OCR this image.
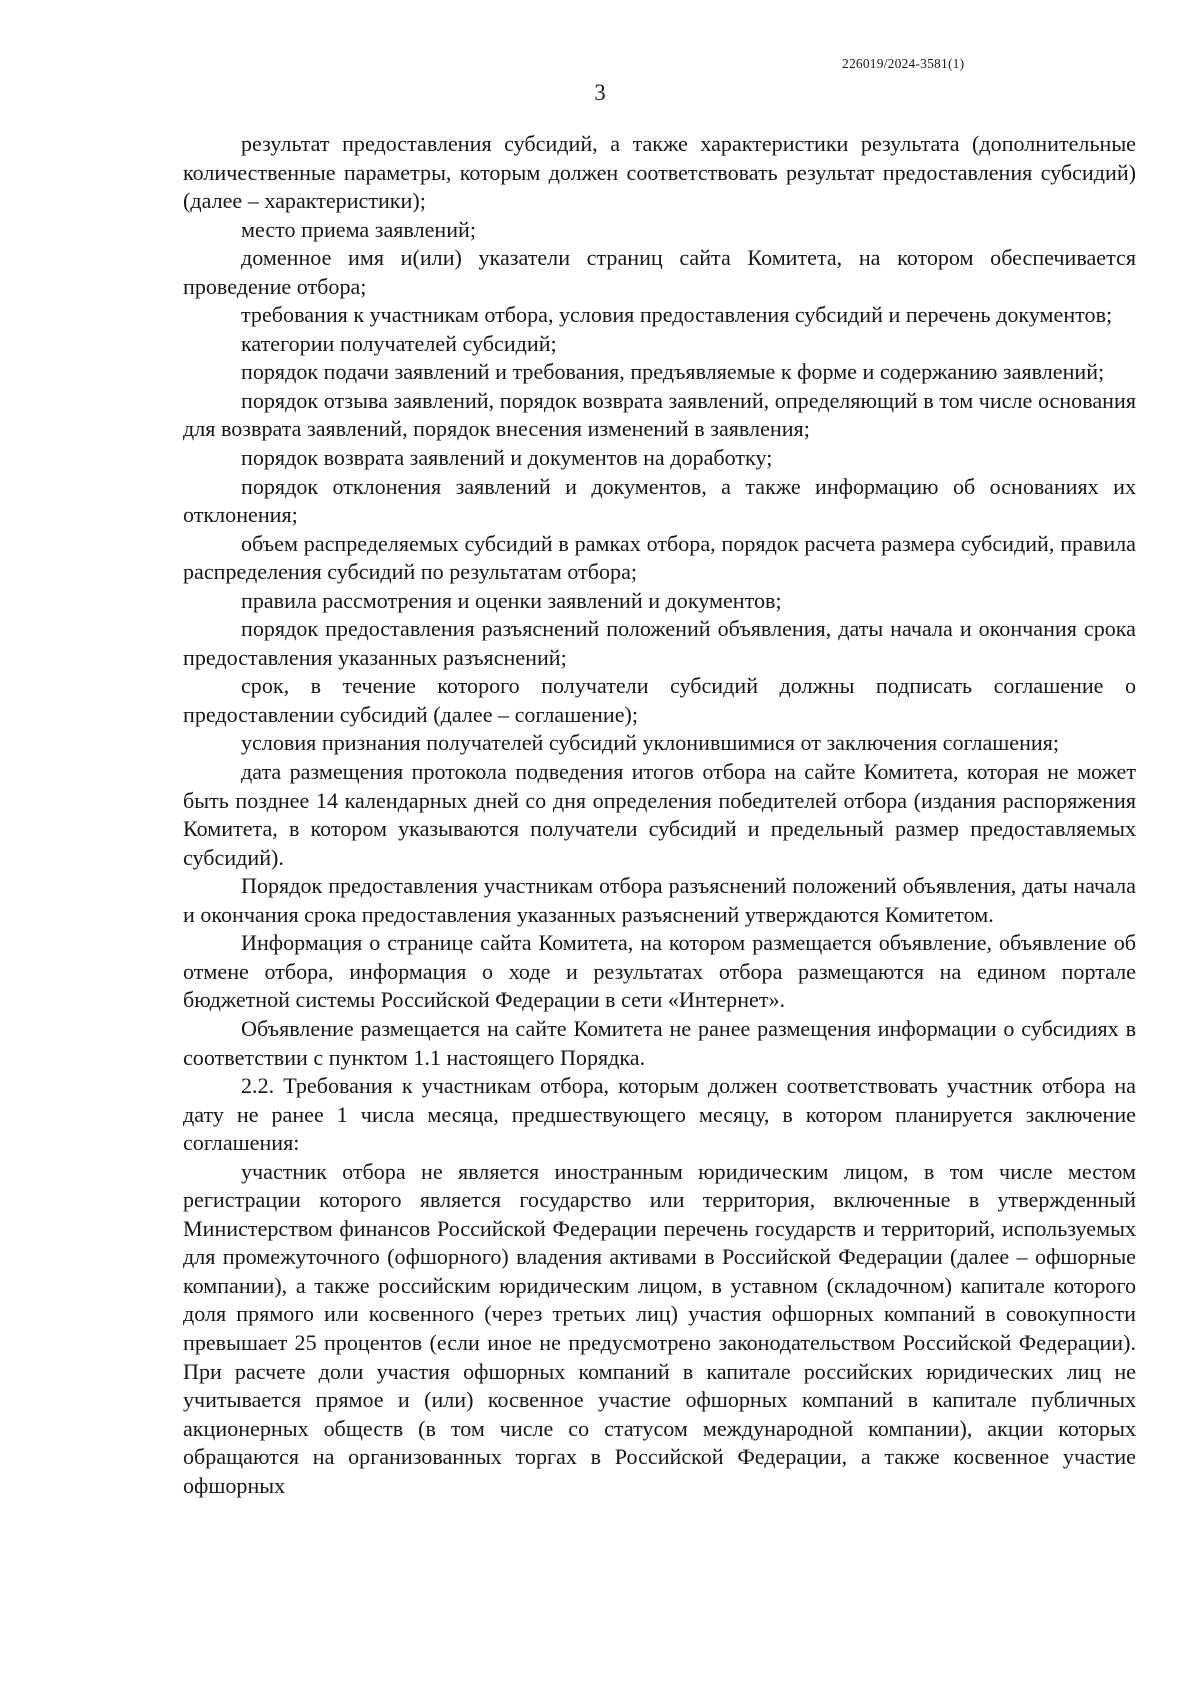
226019/2024-3581(1)
3

результат предоставления субсидий, а также характеристики результата (дополнительные количественные параметры, которым должен соответствовать результат предоставления субсидий) (далее – характеристики);

место приема заявлений;

доменное имя и(или) указатели страниц сайта Комитета, на котором обеспечивается проведение отбора;

требования к участникам отбора, условия предоставления субсидий и перечень документов;

категории получателей субсидий;

порядок подачи заявлений и требования, предъявляемые к форме и содержанию заявлений;

порядок отзыва заявлений, порядок возврата заявлений, определяющий в том числе основания для возврата заявлений, порядок внесения изменений в заявления;

порядок возврата заявлений и документов на доработку;

порядок отклонения заявлений и документов, а также информацию об основаниях их отклонения;

объем распределяемых субсидий в рамках отбора, порядок расчета размера субсидий, правила распределения субсидий по результатам отбора;

правила рассмотрения и оценки заявлений и документов;

порядок предоставления разъяснений положений объявления, даты начала и окончания срока предоставления указанных разъяснений;

срок, в течение которого получатели субсидий должны подписать соглашение о предоставлении субсидий (далее – соглашение);

условия признания получателей субсидий уклонившимися от заключения соглашения;

дата размещения протокола подведения итогов отбора на сайте Комитета, которая не может быть позднее 14 календарных дней со дня определения победителей отбора (издания распоряжения Комитета, в котором указываются получатели субсидий и предельный размер предоставляемых субсидий).

Порядок предоставления участникам отбора разъяснений положений объявления, даты начала и окончания срока предоставления указанных разъяснений утверждаются Комитетом.

Информация о странице сайта Комитета, на котором размещается объявление, объявление об отмене отбора, информация о ходе и результатах отбора размещаются на едином портале бюджетной системы Российской Федерации в сети «Интернет».

Объявление размещается на сайте Комитета не ранее размещения информации о субсидиях в соответствии с пунктом 1.1 настоящего Порядка.

2.2. Требования к участникам отбора, которым должен соответствовать участник отбора на дату не ранее 1 числа месяца, предшествующего месяцу, в котором планируется заключение соглашения:

участник отбора не является иностранным юридическим лицом, в том числе местом регистрации которого является государство или территория, включенные в утвержденный Министерством финансов Российской Федерации перечень государств и территорий, используемых для промежуточного (офшорного) владения активами в Российской Федерации (далее – офшорные компании), а также российским юридическим лицом, в уставном (складочном) капитале которого доля прямого или косвенного (через третьих лиц) участия офшорных компаний в совокупности превышает 25 процентов (если иное не предусмотрено законодательством Российской Федерации). При расчете доли участия офшорных компаний в капитале российских юридических лиц не учитывается прямое и (или) косвенное участие офшорных компаний в капитале публичных акционерных обществ (в том числе со статусом международной компании), акции которых обращаются на организованных торгах в Российской Федерации, а также косвенное участие офшорных
